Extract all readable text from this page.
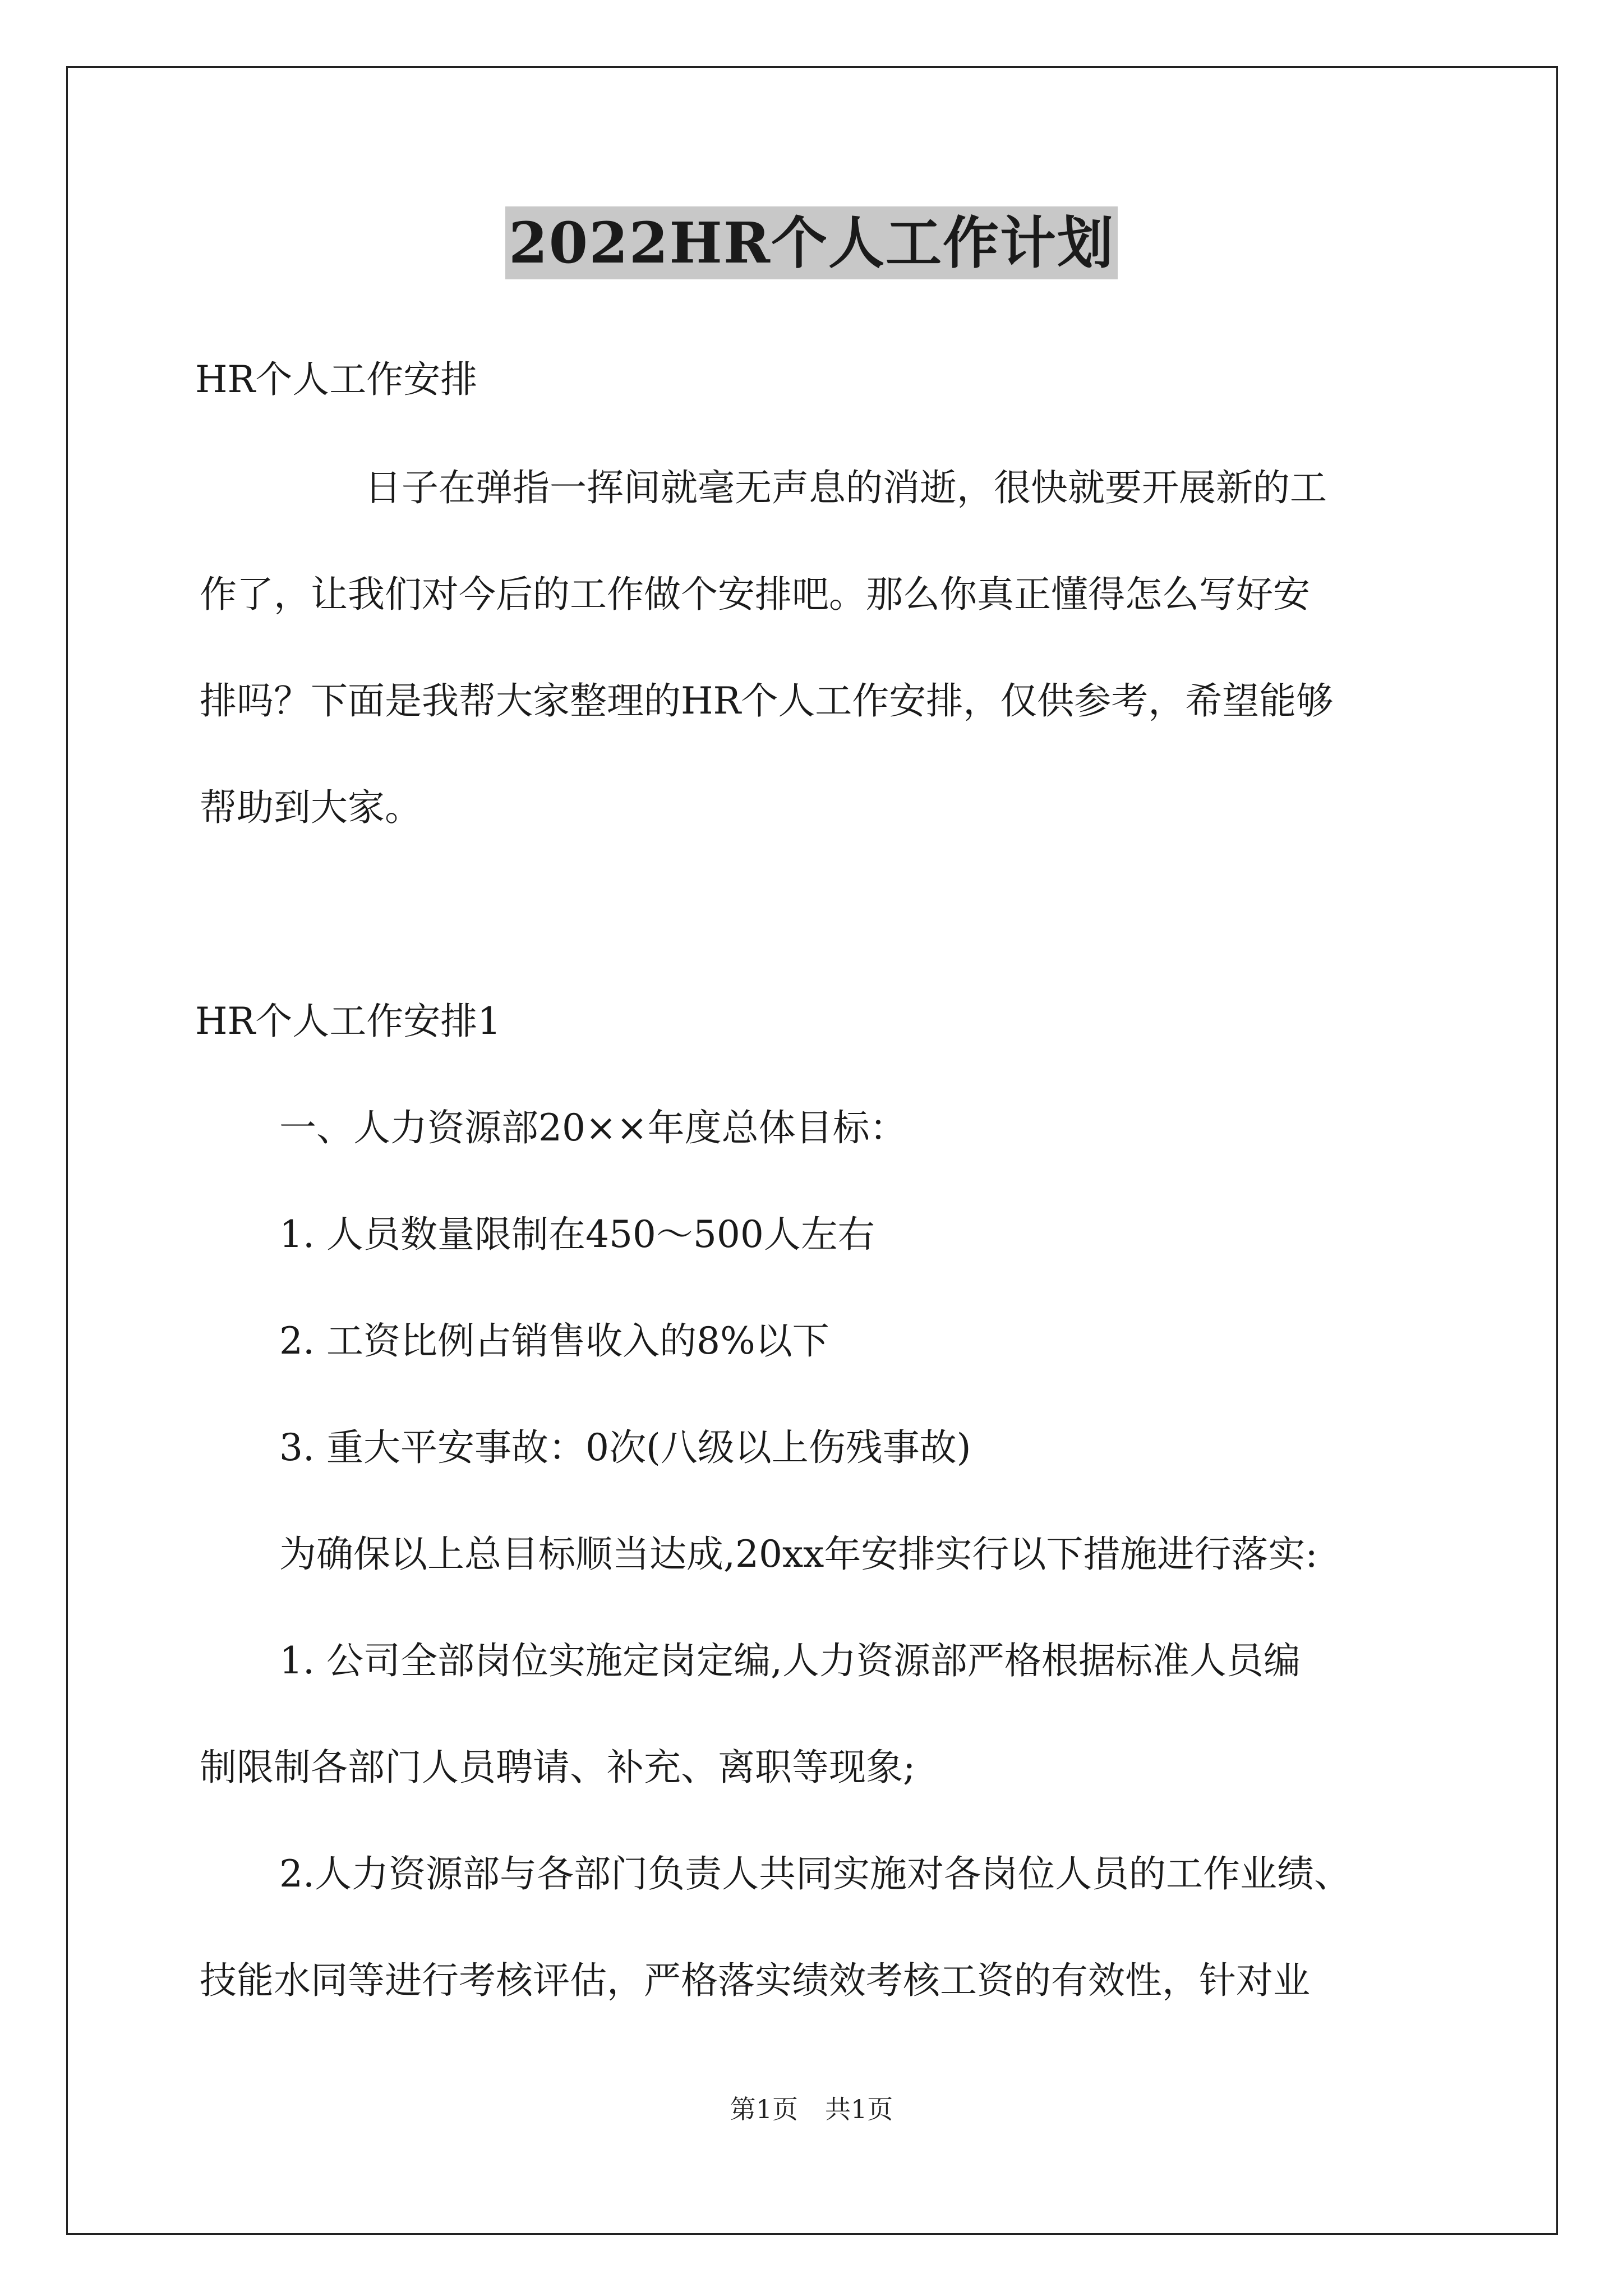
2022HR个人工作计划
HR个人工作安排
日子在弹指一挥间就毫无声息的消逝，很快就要开展新的工
作了，让我们对今后的工作做个安排吧。那么你真正懂得怎么写好安
排吗？下面是我帮大家整理的HR个人工作安排，仅供参考，希望能够
帮助到大家。
HR个人工作安排1
一、人力资源部20××年度总体目标：
1. 人员数量限制在450～500人左右
2. 工资比例占销售收入的8%以下
3. 重大平安事故：0次(八级以上伤残事故)
为确保以上总目标顺当达成,20xx年安排实行以下措施进行落实:
1. 公司全部岗位实施定岗定编,人力资源部严格根据标准人员编
制限制各部门人员聘请、补充、离职等现象;
2.人力资源部与各部门负责人共同实施对各岗位人员的工作业绩、
技能水同等进行考核评估，严格落实绩效考核工资的有效性，针对业
第1页 共1页
